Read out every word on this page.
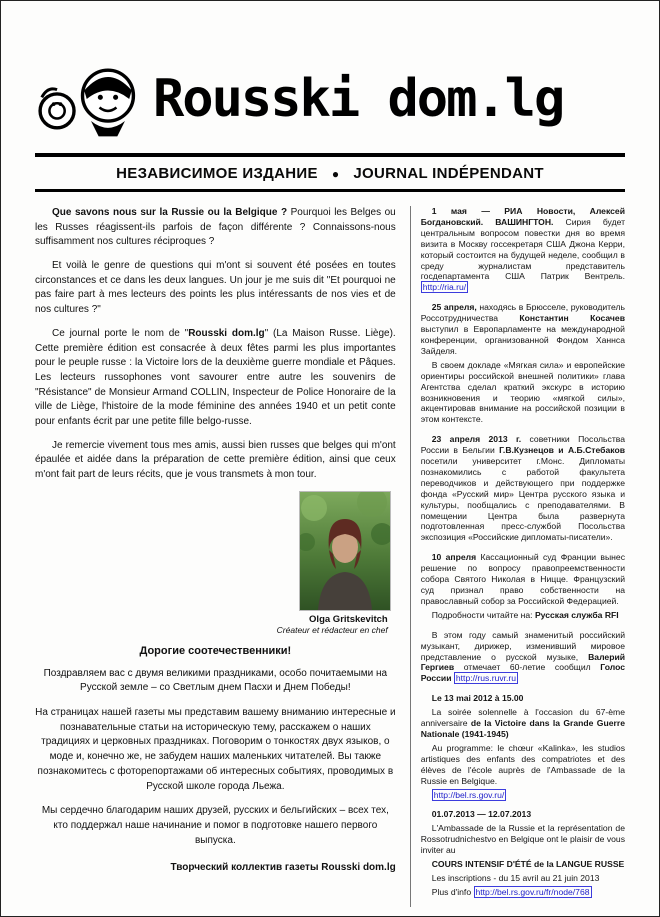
Rousski dom.lg
НЕЗАВИСИМОЕ ИЗДАНИЕ ● JOURNAL INDÉPENDANT

Que savons nous sur la Russie ou la Belgique ? Pourquoi les Belges ou les Russes réagissent-ils parfois de façon différente ? Connaissons-nous suffisamment nos cultures réciproques ?

Et voilà le genre de questions qui m'ont si souvent été posées en toutes circonstances et ce dans les deux langues. Un jour je me suis dit "Et pourquoi ne pas faire part à mes lecteurs des points les plus intéressants de nos vies et de nos cultures ?"

Ce journal porte le nom de "Rousski dom.lg" (La Maison Russe. Liège). Cette première édition est consacrée à deux fêtes parmi les plus importantes pour le peuple russe : la Victoire lors de la deuxième guerre mondiale et Pâques. Les lecteurs russophones vont savourer entre autre les souvenirs de "Résistance" de Monsieur Armand COLLIN, Inspecteur de Police Honoraire de la ville de Liège, l'histoire de la mode féminine des années 1940 et un petit conte pour enfants écrit par une petite fille belgo-russe.

Je remercie vivement tous mes amis, aussi bien russes que belges qui m'ont épaulée et aidée dans la préparation de cette première édition, ainsi que ceux m'ont fait part de leurs récits, que je vous transmets à mon tour.

Olga Gritskevitch
Créateur et rédacteur en chef
Дорогие соотечественники!

Поздравляем вас с двумя великими праздниками, особо почитаемыми на Русской земле – со Светлым днем Пасхи и Днем Победы!

На страницах нашей газеты мы представим вашему вниманию интересные и познавательные статьи на историческую тему, расскажем о наших традициях и церковных праздниках. Поговорим о тонкостях двух языков, о моде и, конечно же, не забудем наших маленьких читателей. Вы также познакомитесь с фоторепортажами об интересных событиях, проводимых в Русской школе города Льежа.

Мы сердечно благодарим наших друзей, русских и бельгийских – всех тех, кто поддержал наше начинание и помог в подготовке нашего первого выпуска.

Творческий коллектив газеты Rousski dom.lg

1 мая — РИА Новости, Алексей Богдановский. ВАШИНГТОН. Сирия будет центральным вопросом повестки дня во время визита в Москву госсекретаря США Джона Керри, который состоится на будущей неделе, сообщил в среду журналистам представитель госдепартамента США Патрик Вентрель. http://ria.ru/

25 апреля, находясь в Брюсселе, руководитель Россотрудничества Константин Косачев выступил в Европарламенте на международной конференции, организованной Фондом Ханнса Зайделя.

В своем докладе «Мягкая сила» и европейские ориентиры российской внешней политики» глава Агентства сделал краткий экскурс в историю возникновения и теорию «мягкой силы», акцентировав внимание на российской позиции в этом контексте.

23 апреля 2013 г. советники Посольства России в Бельгии Г.В.Кузнецов и А.Б.Стебаков посетили университет г.Монс. Дипломаты познакомились с работой факультета переводчиков и действующего при поддержке фонда «Русский мир» Центра русского языка и культуры, пообщались с преподавателями. В помещении Центра была развернута подготовленная пресс-службой Посольства экспозиция «Российские дипломаты-писатели».

10 апреля Кассационный суд Франции вынес решение по вопросу правопреемственности собора Святого Николая в Ницце. Французский суд признал право собственности на православный собор за Российской Федерацией.

Подробности читайте на: Русская служба RFI

В этом году самый знаменитый российский музыкант, дирижер, изменивший мировое представление о русской музыке, Валерий Гергиев отмечает 60-летие сообщил Голос России http://rus.ruvr.ru

Le 13 mai 2012 à 15.00

La soirée solennelle à l'occasion du 67-ème anniversaire de la Victoire dans la Grande Guerre Nationale (1941-1945)

Au programme: le chœur «Kalinka», les studios artistiques des enfants des compatriotes et des élèves de l'école auprès de l'Ambassade de la Russie en Belgique.

http://bel.rs.gov.ru/

01.07.2013 — 12.07.2013

L'Ambassade de la Russie et la représentation de Rossotrudnichestvo en Belgique ont le plaisir de vous inviter au

COURS INTENSIF D'ÉTÉ de la LANGUE RUSSE

Les inscriptions - du 15 avril au 21 juin 2013

Plus d'info http://bel.rs.gov.ru/fr/node/768
